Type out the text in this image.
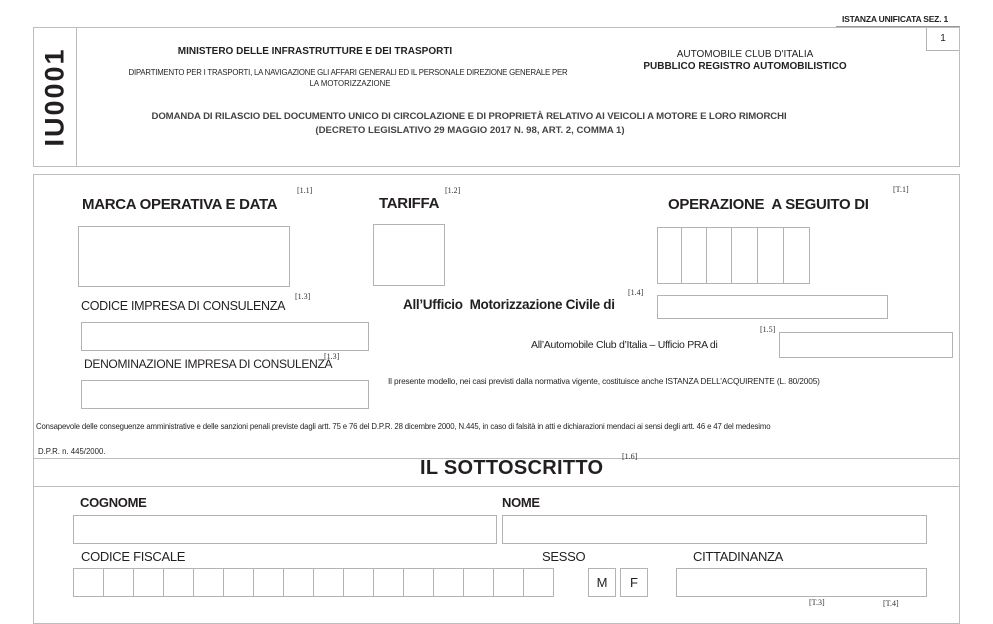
ISTANZA UNIFICATA SEZ. 1
1
IU0001	MINISTERO DELLE INFRASTRUTTURE E DEI TRASPORTI
DIPARTIMENTO PER I TRASPORTI, LA NAVIGAZIONE GLI AFFARI GENERALI ED IL PERSONALE DIREZIONE GENERALE PER
LA MOTORIZZAZIONE
AUTOMOBILE CLUB D'ITALIA
PUBBLICO REGISTRO AUTOMOBILISTICO
DOMANDA DI RILASCIO DEL DOCUMENTO UNICO DI CIRCOLAZIONE E DI PROPRIETÀ RELATIVO AI VEICOLI A MOTORE E LORO RIMORCHI
(DECRETO LEGISLATIVO 29 MAGGIO 2017 N. 98, ART. 2, COMMA 1)
MARCA OPERATIVA E DATA
[1.1]
TARIFFA
[1.2]
OPERAZIONE  A SEGUITO DI
[T.1]
CODICE IMPRESA DI CONSULENZA
[1.3]
All’Ufficio  Motorizzazione Civile di
[1.4]
All’Automobile Club d’Italia – Ufficio PRA di
[1.5]
DENOMINAZIONE IMPRESA DI CONSULENZA
[1.3]
Il presente modello, nei casi previsti dalla normativa vigente, costituisce anche ISTANZA DELL’ACQUIRENTE (L. 80/2005)
Consapevole delle conseguenze amministrative e delle sanzioni penali previste dagli artt. 75 e 76 del D.P.R. 28 dicembre 2000, N.445, in caso di falsità in atti e dichiarazioni mendaci ai sensi degli artt. 46 e 47 del medesimo
D.P.R. n. 445/2000.
IL SOTTOSCRITTO
[1.6]
COGNOME	NOME
CODICE FISCALE	SESSO	CITTADINANZA
M	F
[T.3]	[T.4]
